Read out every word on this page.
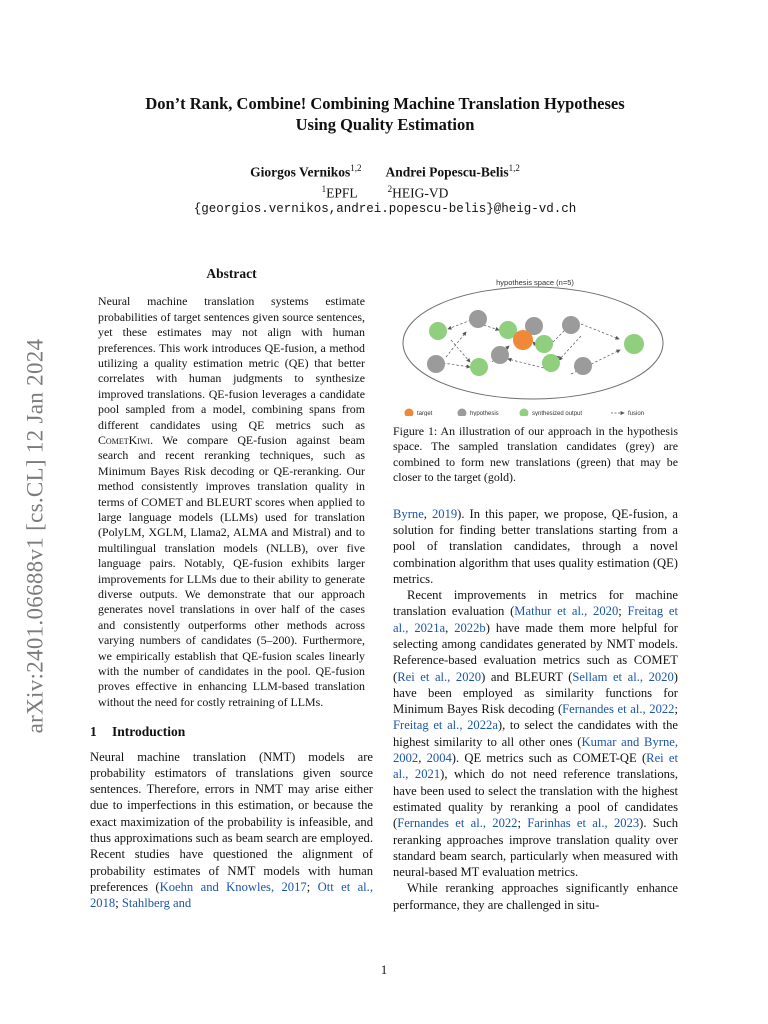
arXiv:2401.06688v1 [cs.CL] 12 Jan 2024
Don’t Rank, Combine! Combining Machine Translation Hypotheses
Using Quality Estimation
Giorgos Vernikos$^{1,2}$ Andrei Popescu-Belis$^{1,2}$
$^1$EPFL	$^2$HEIG-VD
{georgios.vernikos,andrei.popescu-belis}@heig-vd.ch
Abstract
Neural machine translation systems estimate probabilities of target sentences given source sentences, yet these estimates may not align with human preferences. This work introduces QE-fusion, a method utilizing a quality estimation metric (QE) that better correlates with human judgments to synthesize improved translations. QE-fusion leverages a candidate pool sampled from a model, combining spans from different candidates using QE metrics such as CometKiwi. We compare QE-fusion against beam search and recent reranking techniques, such as Minimum Bayes Risk decoding or QE-reranking. Our method consistently improves translation quality in terms of COMET and BLEURT scores when applied to large language models (LLMs) used for translation (PolyLM, XGLM, Llama2, ALMA and Mistral) and to multilingual translation models (NLLB), over five language pairs. Notably, QE-fusion exhibits larger improvements for LLMs due to their ability to generate diverse outputs. We demonstrate that our approach generates novel translations in over half of the cases and consistently outperforms other methods across varying numbers of candidates (5–200). Furthermore, we empirically establish that QE-fusion scales linearly with the number of candidates in the pool. QE-fusion proves effective in enhancing LLM-based translation without the need for costly retraining of LLMs.
1 Introduction

Neural machine translation (NMT) models are probability estimators of translations given source sentences. Therefore, errors in NMT may arise either due to imperfections in this estimation, or because the exact maximization of the probability is infeasible, and thus approximations such as beam search are employed. Recent studies have questioned the alignment of probability estimates of NMT models with human preferences (Koehn and Knowles, 2017; Ott et al., 2018; Stahlberg and

hypothesis space (n=5)
target	hypothesis	synthesized output	fusion
Figure 1: An illustration of our approach in the hypothesis space. The sampled translation candidates (grey) are combined to form new translations (green) that may be closer to the target (gold).

Byrne, 2019). In this paper, we propose, QE-fusion, a solution for finding better translations starting from a pool of translation candidates, through a novel combination algorithm that uses quality estimation (QE) metrics.

Recent improvements in metrics for machine translation evaluation (Mathur et al., 2020; Freitag et al., 2021a, 2022b) have made them more helpful for selecting among candidates generated by NMT models. Reference-based evaluation metrics such as COMET (Rei et al., 2020) and BLEURT (Sellam et al., 2020) have been employed as similarity functions for Minimum Bayes Risk decoding (Fernandes et al., 2022; Freitag et al., 2022a), to select the candidates with the highest similarity to all other ones (Kumar and Byrne, 2002, 2004). QE metrics such as COMET-QE (Rei et al., 2021), which do not need reference translations, have been used to select the translation with the highest estimated quality by reranking a pool of candidates (Fernandes et al., 2022; Farinhas et al., 2023). Such reranking approaches improve translation quality over standard beam search, particularly when measured with neural-based MT evaluation metrics.

While reranking approaches significantly enhance performance, they are challenged in situ-

1
